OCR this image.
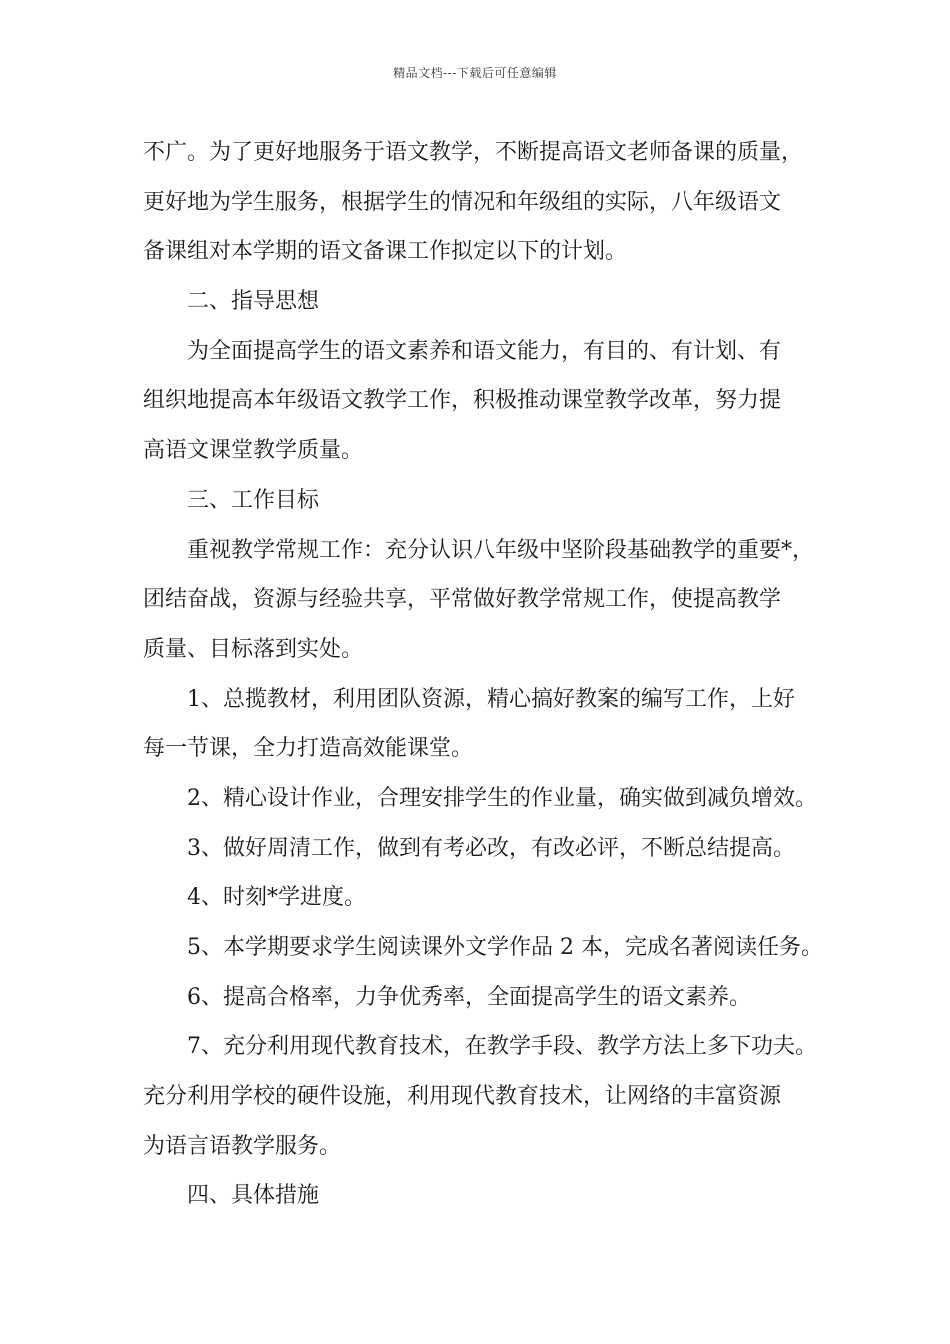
精品文档---下载后可任意编辑
不广。为了更好地服务于语文教学，不断提高语文老师备课的质量，
更好地为学生服务，根据学生的情况和年级组的实际，八年级语文
备课组对本学期的语文备课工作拟定以下的计划。
二、指导思想
为全面提高学生的语文素养和语文能力，有目的、有计划、有
组织地提高本年级语文教学工作，积极推动课堂教学改革，努力提
高语文课堂教学质量。
三、工作目标
重视教学常规工作：充分认识八年级中坚阶段基础教学的重要*，
团结奋战，资源与经验共享，平常做好教学常规工作，使提高教学
质量、目标落到实处。
1、总揽教材，利用团队资源，精心搞好教案的编写工作，上好
每一节课，全力打造高效能课堂。
2、精心设计作业，合理安排学生的作业量，确实做到减负增效。
3、做好周清工作，做到有考必改，有改必评，不断总结提高。
4、时刻*学进度。
5、本学期要求学生阅读课外文学作品 2 本，完成名著阅读任务。
6、提高合格率，力争优秀率，全面提高学生的语文素养。
7、充分利用现代教育技术，在教学手段、教学方法上多下功夫。
充分利用学校的硬件设施，利用现代教育技术，让网络的丰富资源
为语言语教学服务。
四、具体措施
